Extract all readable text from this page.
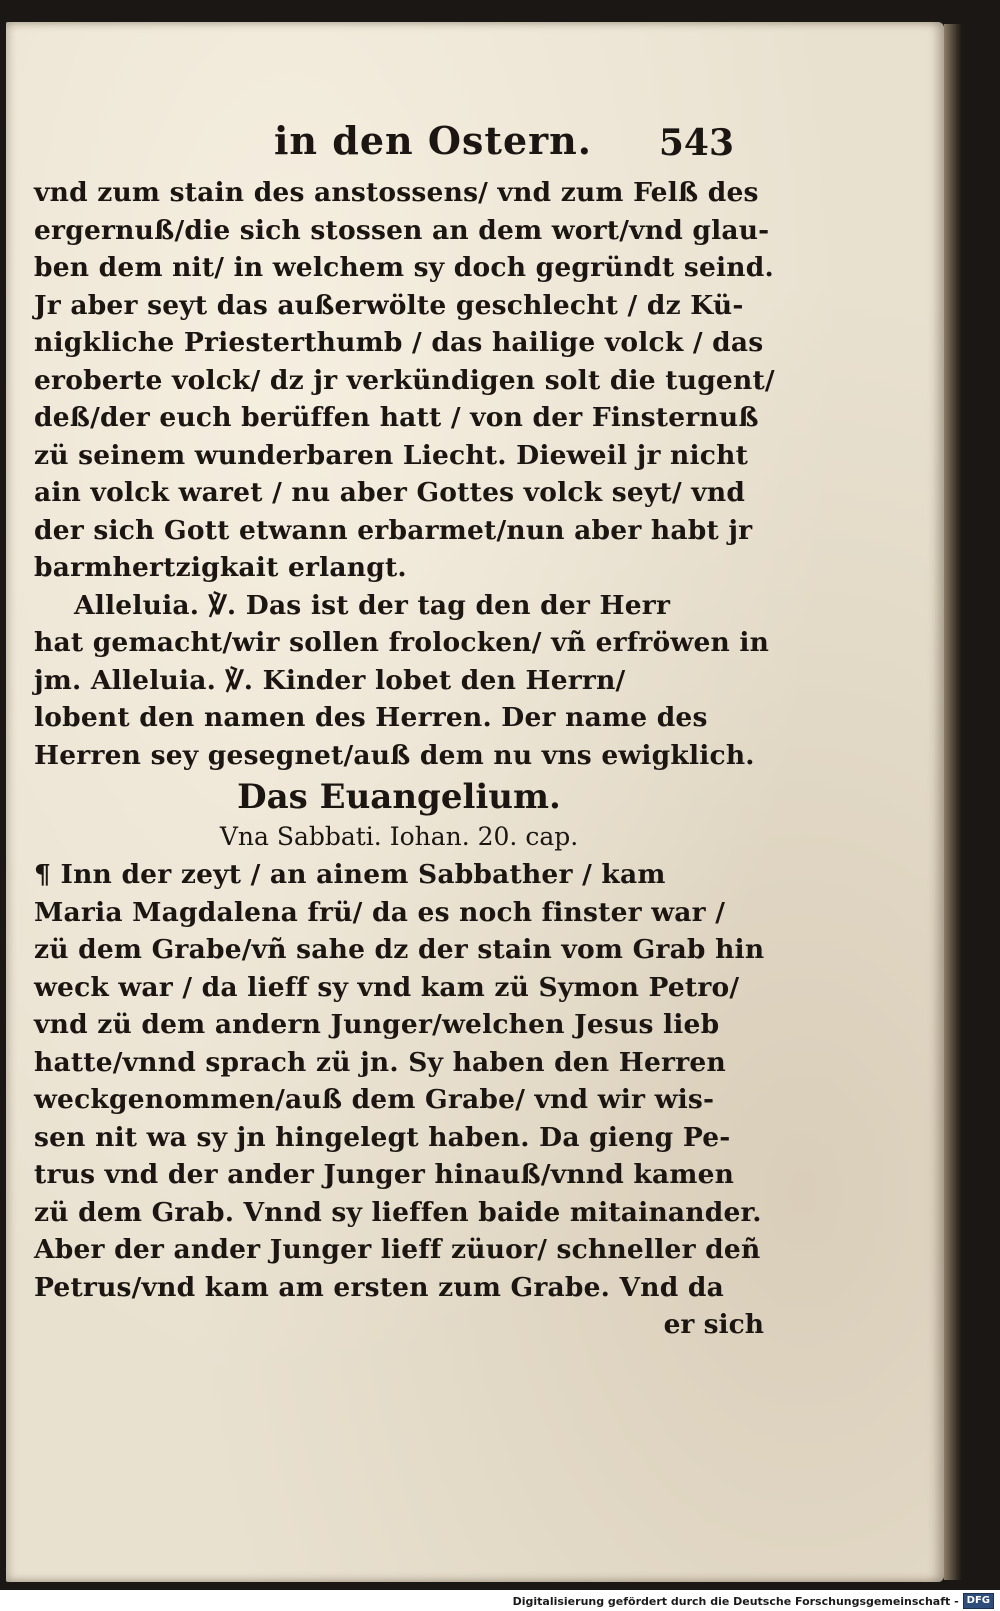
in den Ostern. 543
vnd zum stain des anstossens/ vnd zum Felß des
ergernuß/die sich stossen an dem wort/vnd glau-
ben dem nit/ in welchem sy doch gegründt seind.
Jr aber seyt das außerwölte geschlecht / dz Kü-
nigkliche Priesterthumb / das hailige volck / das
eroberte volck/ dz jr verkündigen solt die tugent/
deß/der euch berüffen hatt / von der Finsternuß
zü seinem wunderbaren Liecht. Dieweil jr nicht
ain volck waret / nu aber Gottes volck seyt/ vnd
der sich Gott etwann erbarmet/nun aber habt jr
barmhertzigkait erlangt.
Alleluia. ℣. Das ist der tag den der Herr
hat gemacht/wir sollen frolocken/ vñ erfröwen in
jm. Alleluia. ℣. Kinder lobet den Herrn/
lobent den namen des Herren. Der name des
Herren sey gesegnet/auß dem nu vns ewigklich.
Das Euangelium.
Vna Sabbati. Iohan. 20. cap.
¶ Inn der zeyt / an ainem Sabbather / kam
Maria Magdalena frü/ da es noch finster war /
zü dem Grabe/vñ sahe dz der stain vom Grab hin
weck war / da lieff sy vnd kam zü Symon Petro/
vnd zü dem andern Junger/welchen Jesus lieb
hatte/vnnd sprach zü jn. Sy haben den Herren
weckgenommen/auß dem Grabe/ vnd wir wis-
sen nit wa sy jn hingelegt haben. Da gieng Pe-
trus vnd der ander Junger hinauß/vnnd kamen
zü dem Grab. Vnnd sy lieffen baide mitainander.
Aber der ander Junger lieff züuor/ schneller deñ
Petrus/vnd kam am ersten zum Grabe. Vnd da
er sich
Digitalisierung gefördert durch die Deutsche Forschungsgemeinschaft - DFG
